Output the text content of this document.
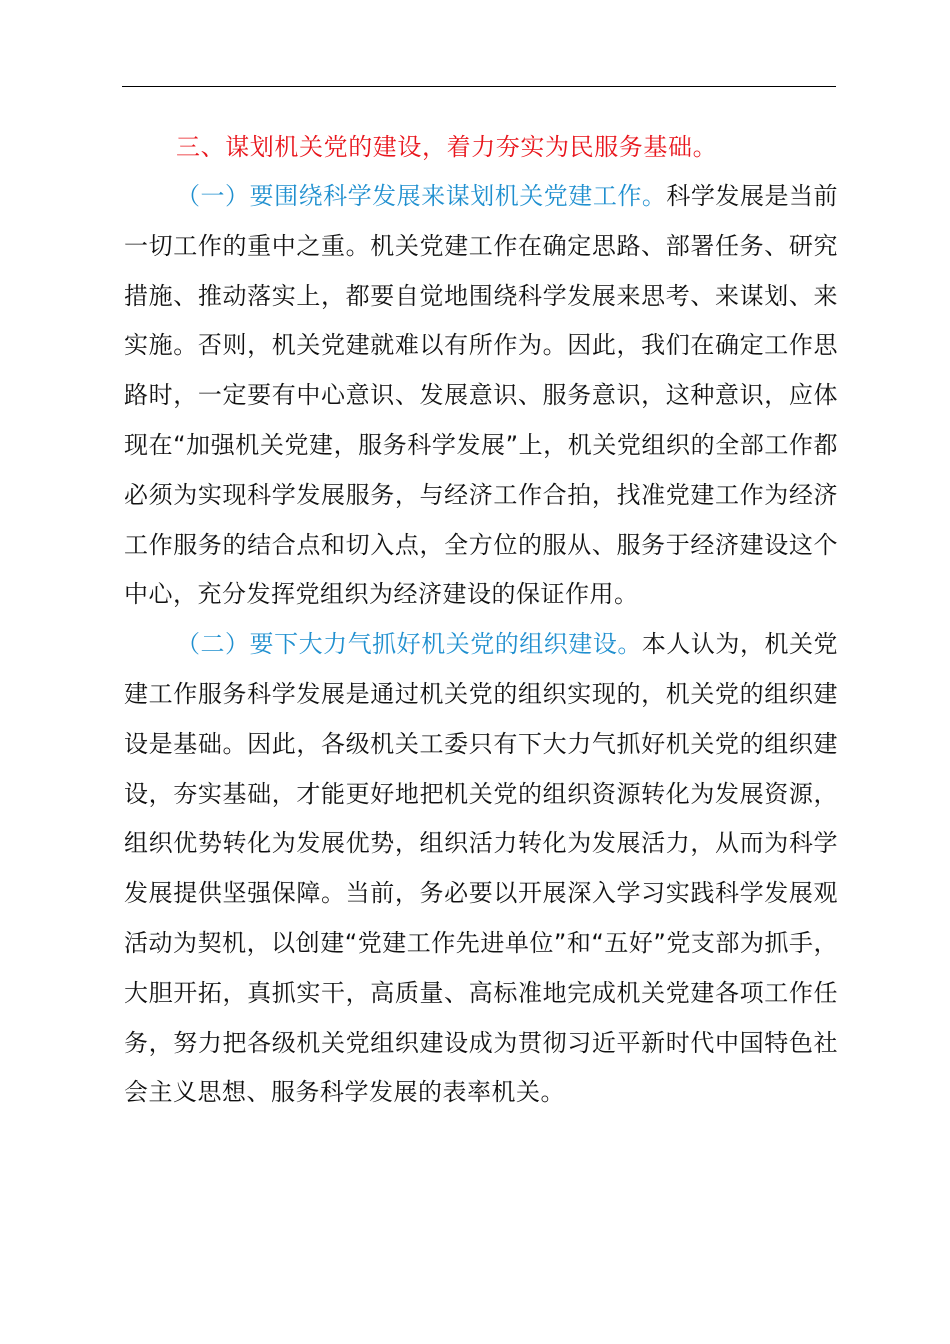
三、谋划机关党的建设，着力夯实为民服务基础。

（一）要围绕科学发展来谋划机关党建工作。科学发展是当前一切工作的重中之重。机关党建工作在确定思路、部署任务、研究措施、推动落实上，都要自觉地围绕科学发展来思考、来谋划、来实施。否则，机关党建就难以有所作为。因此，我们在确定工作思路时，一定要有中心意识、发展意识、服务意识，这种意识，应体现在“加强机关党建，服务科学发展”上，机关党组织的全部工作都必须为实现科学发展服务，与经济工作合拍，找准党建工作为经济工作服务的结合点和切入点，全方位的服从、服务于经济建设这个中心，充分发挥党组织为经济建设的保证作用。

（二）要下大力气抓好机关党的组织建设。本人认为，机关党建工作服务科学发展是通过机关党的组织实现的，机关党的组织建设是基础。因此，各级机关工委只有下大力气抓好机关党的组织建设，夯实基础，才能更好地把机关党的组织资源转化为发展资源，组织优势转化为发展优势，组织活力转化为发展活力，从而为科学发展提供坚强保障。当前，务必要以开展深入学习实践科学发展观活动为契机，以创建“党建工作先进单位”和“五好”党支部为抓手，大胆开拓，真抓实干，高质量、高标准地完成机关党建各项工作任务，努力把各级机关党组织建设成为贯彻习近平新时代中国特色社会主义思想、服务科学发展的表率机关。
